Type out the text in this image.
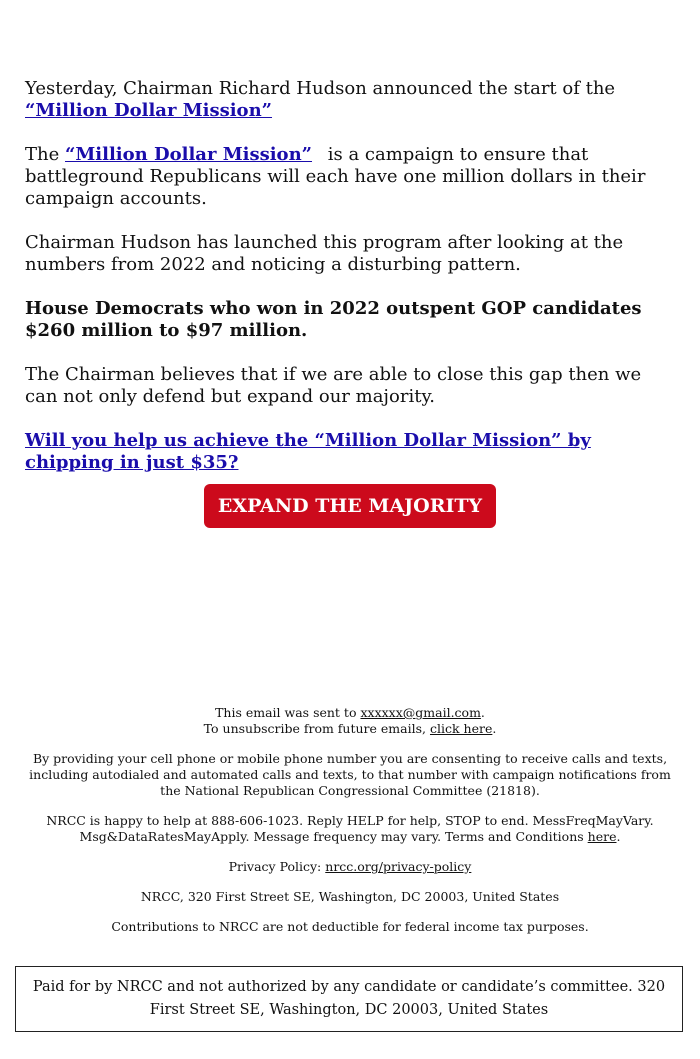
Yesterday, Chairman Richard Hudson announced the start of the
“Million Dollar Mission”

The “Million Dollar Mission” is a campaign to ensure that battleground Republicans will each have one million dollars in their campaign accounts.

Chairman Hudson has launched this program after looking at the numbers from 2022 and noticing a disturbing pattern.

House Democrats who won in 2022 outspent GOP candidates $260 million to $97 million.

The Chairman believes that if we are able to close this gap then we can not only defend but expand our majority.

Will you help us achieve the “Million Dollar Mission” by chipping in just $35?

EXPAND THE MAJORITY

This email was sent to xxxxxx@gmail.com.
To unsubscribe from future emails, click here.

By providing your cell phone or mobile phone number you are consenting to receive calls and texts, including autodialed and automated calls and texts, to that number with campaign notifications from the National Republican Congressional Committee (21818).

NRCC is happy to help at 888-606-1023. Reply HELP for help, STOP to end. MessFreqMayVary. Msg&DataRatesMayApply. Message frequency may vary. Terms and Conditions here.

Privacy Policy: nrcc.org/privacy-policy

NRCC, 320 First Street SE, Washington, DC 20003, United States

Contributions to NRCC are not deductible for federal income tax purposes.

Paid for by NRCC and not authorized by any candidate or candidate’s committee. 320 First Street SE, Washington, DC 20003, United States
